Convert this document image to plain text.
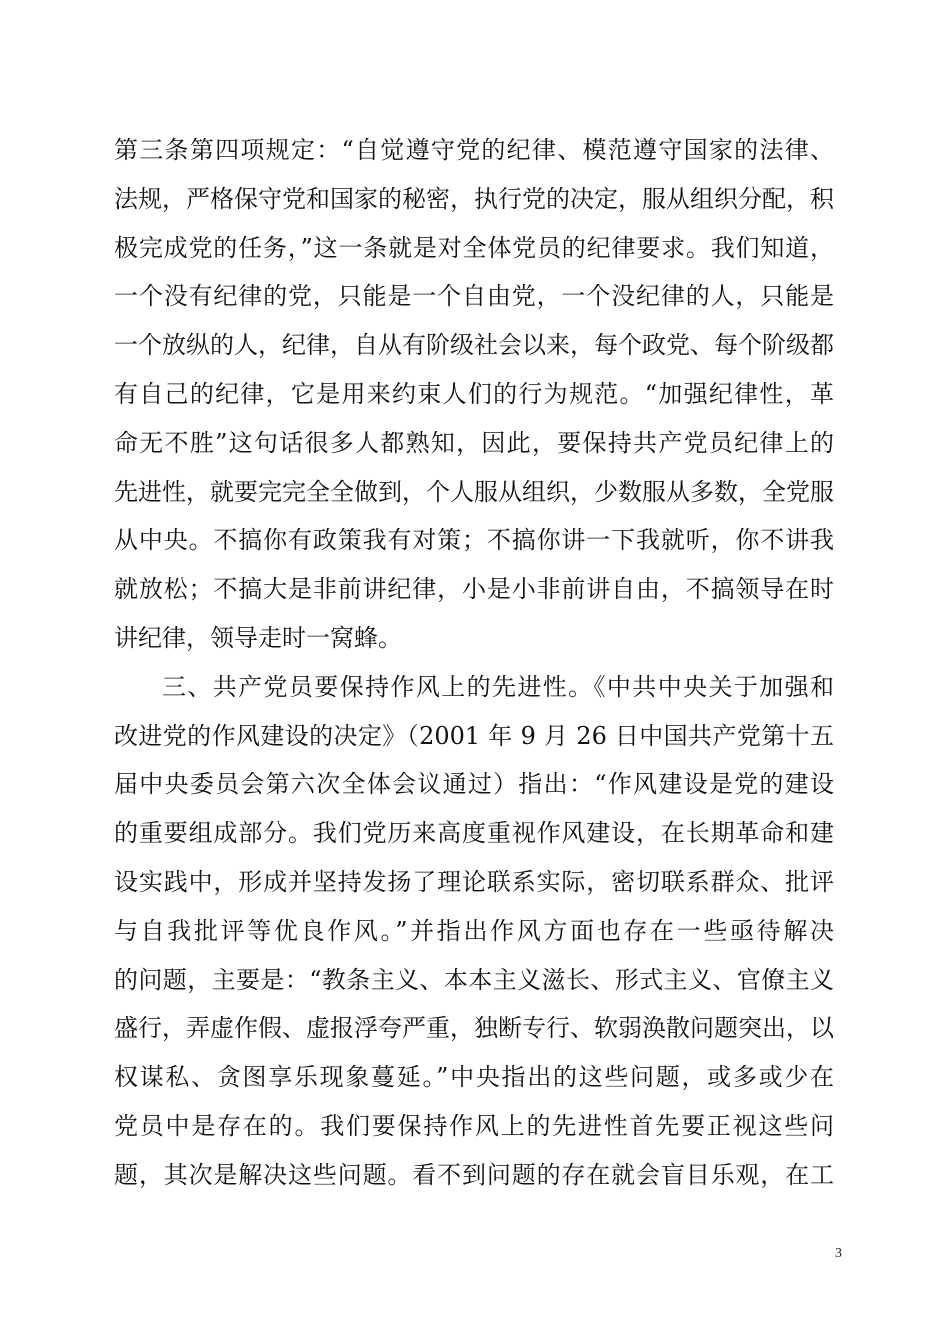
第三条第四项规定：“自觉遵守党的纪律、模范遵守国家的法律、
法规，严格保守党和国家的秘密，执行党的决定，服从组织分配，积
极完成党的任务，”这一条就是对全体党员的纪律要求。我们知道，
一个没有纪律的党，只能是一个自由党，一个没纪律的人，只能是
一个放纵的人，纪律，自从有阶级社会以来，每个政党、每个阶级都
有自己的纪律，它是用来约束人们的行为规范。“加强纪律性，革
命无不胜”这句话很多人都熟知，因此，要保持共产党员纪律上的
先进性，就要完完全全做到，个人服从组织，少数服从多数，全党服
从中央。不搞你有政策我有对策；不搞你讲一下我就听，你不讲我
就放松；不搞大是非前讲纪律，小是小非前讲自由，不搞领导在时
讲纪律，领导走时一窝蜂。
三、共产党员要保持作风上的先进性。《中共中央关于加强和
改进党的作风建设的决定》（2001 年 9 月 26 日中国共产党第十五
届中央委员会第六次全体会议通过）指出：“作风建设是党的建设
的重要组成部分。我们党历来高度重视作风建设，在长期革命和建
设实践中，形成并坚持发扬了理论联系实际，密切联系群众、批评
与自我批评等优良作风。”并指出作风方面也存在一些亟待解决
的问题，主要是：“教条主义、本本主义滋长、形式主义、官僚主义
盛行，弄虚作假、虚报浮夸严重，独断专行、软弱涣散问题突出，以
权谋私、贪图享乐现象蔓延。”中央指出的这些问题，或多或少在
党员中是存在的。我们要保持作风上的先进性首先要正视这些问
题，其次是解决这些问题。看不到问题的存在就会盲目乐观，在工
3
